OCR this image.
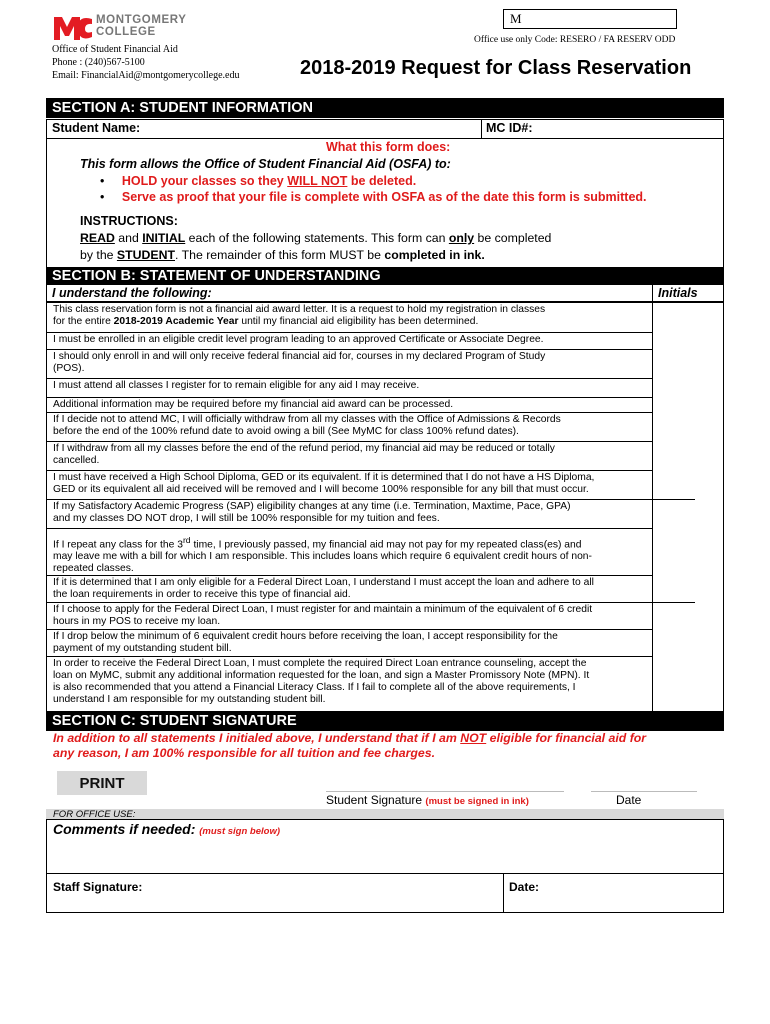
MONTGOMERY
COLLEGE
M
Office use only Code: RESERO / FA RESERV ODD
Office of Student Financial Aid
Phone : (240)567-5100
Email: FinancialAid@montgomerycollege.edu	2018-2019 Request for Class Reservation
SECTION A: STUDENT INFORMATION
Student Name:	MC ID#:
What this form does:
This form allows the Office of Student Financial Aid (OSFA) to:
• HOLD your classes so they WILL NOT be deleted.
• Serve as proof that your file is complete with OSFA as of the date this form is submitted.
INSTRUCTIONS:
READ and INITIAL each of the following statements. This form can only be completed
by the STUDENT. The remainder of this form MUST be completed in ink.
SECTION B: STATEMENT OF UNDERSTANDING
I understand the following:	Initials
This class reservation form is not a financial aid award letter. It is a request to hold my registration in classes
for the entire 2018-2019 Academic Year until my financial aid eligibility has been determined.
I must be enrolled in an eligible credit level program leading to an approved Certificate or Associate Degree.
I should only enroll in and will only receive federal financial aid for, courses in my declared Program of Study
(POS).
I must attend all classes I register for to remain eligible for any aid I may receive.
Additional information may be required before my financial aid award can be processed.
If I decide not to attend MC, I will officially withdraw from all my classes with the Office of Admissions & Records
before the end of the 100% refund date to avoid owing a bill (See MyMC for class 100% refund dates).
If I withdraw from all my classes before the end of the refund period, my financial aid may be reduced or totally
cancelled.
I must have received a High School Diploma, GED or its equivalent. If it is determined that I do not have a HS Diploma,
GED or its equivalent all aid received will be removed and I will become 100% responsible for any bill that must occur.
If my Satisfactory Academic Progress (SAP) eligibility changes at any time (i.e. Termination, Maxtime, Pace, GPA)
and my classes DO NOT drop, I will still be 100% responsible for my tuition and fees.
If I repeat any class for the 3rd time, I previously passed, my financial aid may not pay for my repeated class(es) and
may leave me with a bill for which I am responsible. This includes loans which require 6 equivalent credit hours of non-
repeated classes.
If it is determined that I am only eligible for a Federal Direct Loan, I understand I must accept the loan and adhere to all
the loan requirements in order to receive this type of financial aid.
If I choose to apply for the Federal Direct Loan, I must register for and maintain a minimum of the equivalent of 6 credit
hours in my POS to receive my loan.
If I drop below the minimum of 6 equivalent credit hours before receiving the loan, I accept responsibility for the
payment of my outstanding student bill.
In order to receive the Federal Direct Loan, I must complete the required Direct Loan entrance counseling, accept the
loan on MyMC, submit any additional information requested for the loan, and sign a Master Promissory Note (MPN). It
is also recommended that you attend a Financial Literacy Class. If I fail to complete all of the above requirements, I
understand I am responsible for my outstanding student bill.
SECTION C: STUDENT SIGNATURE
In addition to all statements I initialed above, I understand that if I am NOT eligible for financial aid for
any reason, I am 100% responsible for all tuition and fee charges.
PRINT
Student Signature (must be signed in ink)	Date
FOR OFFICE USE:
Comments if needed: (must sign below)
Staff Signature:	Date:
